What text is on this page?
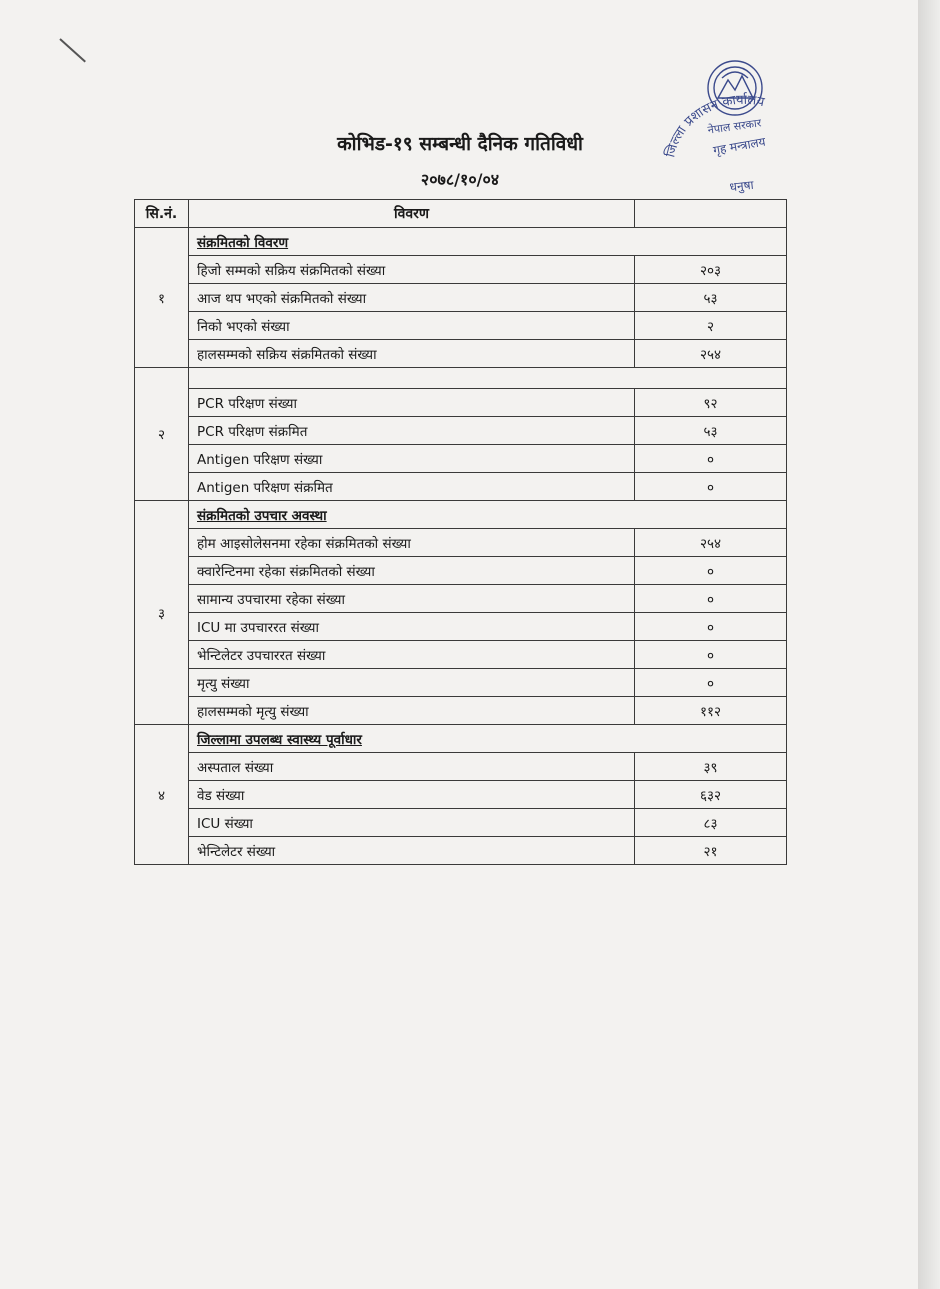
कोभिड-१९ सम्बन्धी दैनिक गतिविधी
२०७८/१०/०४
नेपाल सरकार
गृह मन्त्रालय
जिल्ला प्रशासन कार्यालय
धनुषा
सि.नं.	विवरण	
१	संक्रमितको विवरण	
	हिजो सम्मको सक्रिय संक्रमितको संख्या	२०३
	आज थप भएको संक्रमितको संख्या	५३
	निको भएको संख्या	२
	हालसम्मको सक्रिय संक्रमितको संख्या	२५४
२		
	PCR परिक्षण संख्या	९२
	PCR परिक्षण संक्रमित	५३
	Antigen परिक्षण संख्या	०
	Antigen परिक्षण संक्रमित	०
३	संक्रमितको उपचार अवस्था	
	होम आइसोलेसनमा रहेका संक्रमितको संख्या	२५४
	क्वारेन्टिनमा रहेका संक्रमितको संख्या	०
	सामान्य उपचारमा रहेका संख्या	०
	ICU मा उपचाररत संख्या	०
	भेन्टिलेटर उपचाररत संख्या	०
	मृत्यु संख्या	०
	हालसम्मको मृत्यु संख्या	११२
४	जिल्लामा उपलब्ध स्वास्थ्य पूर्वाधार	
	अस्पताल संख्या	३९
	वेड संख्या	६३२
	ICU संख्या	८३
	भेन्टिलेटर संख्या	२१
